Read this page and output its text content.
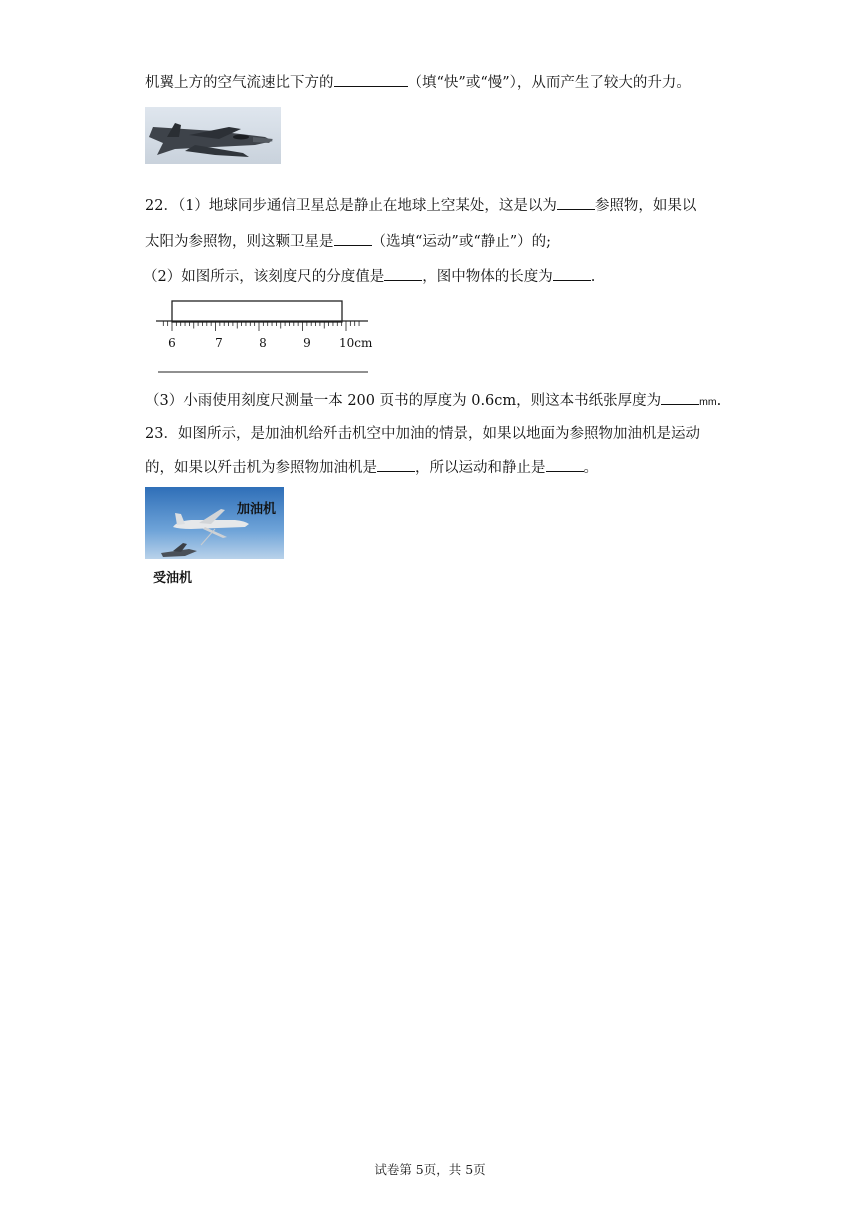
机翼上方的空气流速比下方的	（填“快”或“慢”），从而产生了较大的升力。
22．（1）地球同步通信卫星总是静止在地球上空某处，这是以为	参照物，如果以
太阳为参照物，则这颗卫星是	（选填“运动”或“静止”）的;
（2）如图所示，该刻度尺的分度值是	，图中物体的长度为	.
6	7	8	9 10cm
（3）小雨使用刻度尺测量一本 200 页书的厚度为 0.6cm，则这本书纸张厚度为	mm.
23．如图所示，是加油机给歼击机空中加油的情景，如果以地面为参照物加油机是运动
的，如果以歼击机为参照物加油机是	，所以运动和静止是	。
加油机
受油机
试卷第 5页，共 5页
